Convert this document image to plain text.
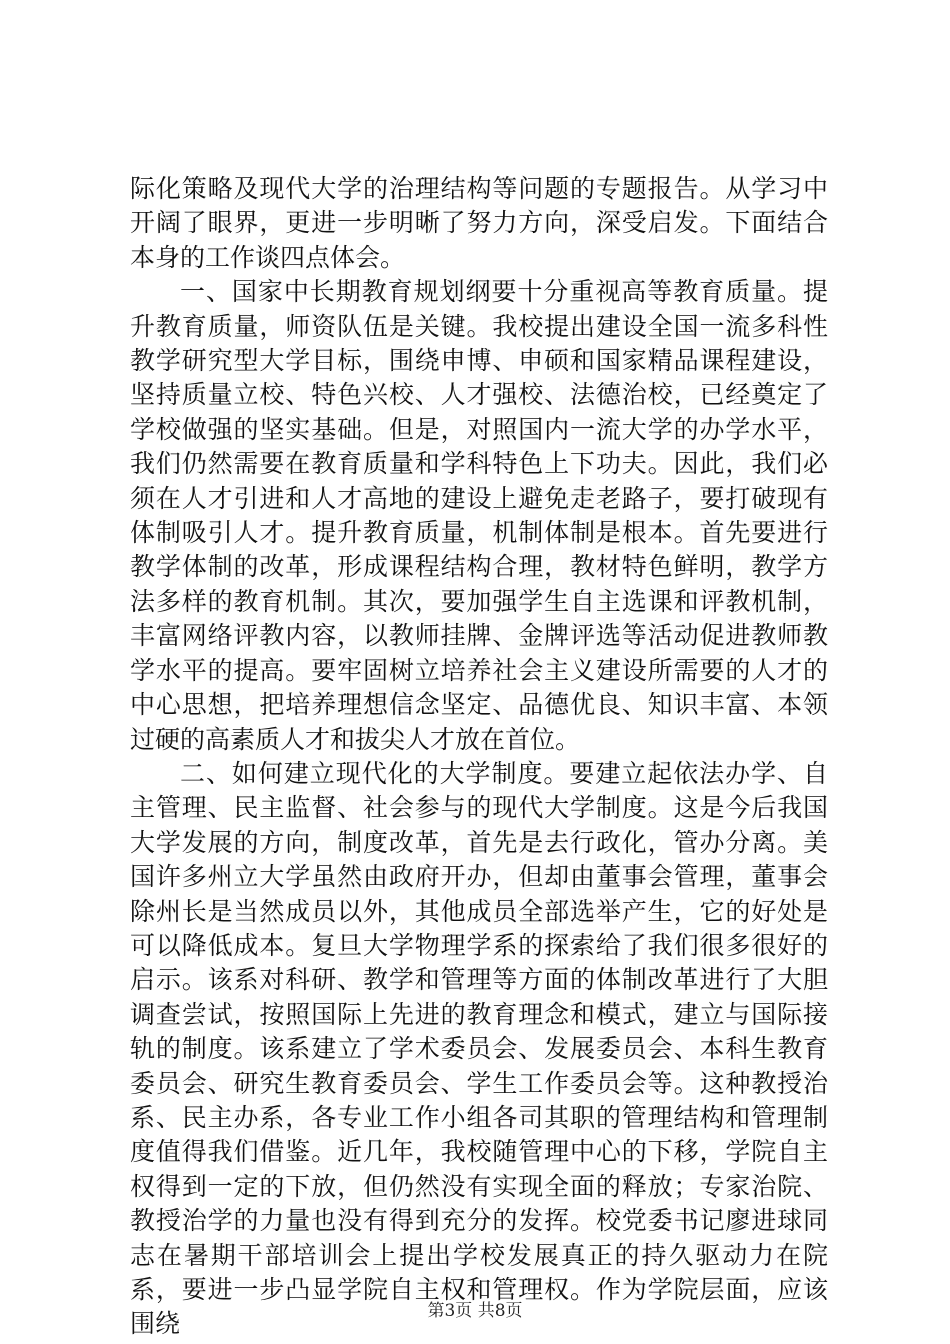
际化策略及现代大学的治理结构等问题的专题报告。从学习中开阔了眼界，更进一步明晰了努力方向，深受启发。下面结合本身的工作谈四点体会。

一、国家中长期教育规划纲要十分重视高等教育质量。提升教育质量，师资队伍是关键。我校提出建设全国一流多科性教学研究型大学目标，围绕申博、申硕和国家精品课程建设，坚持质量立校、特色兴校、人才强校、法德治校，已经奠定了学校做强的坚实基础。但是，对照国内一流大学的办学水平，我们仍然需要在教育质量和学科特色上下功夫。因此，我们必须在人才引进和人才高地的建设上避免走老路子，要打破现有体制吸引人才。提升教育质量，机制体制是根本。首先要进行教学体制的改革，形成课程结构合理，教材特色鲜明，教学方法多样的教育机制。其次，要加强学生自主选课和评教机制，丰富网络评教内容，以教师挂牌、金牌评选等活动促进教师教学水平的提高。要牢固树立培养社会主义建设所需要的人才的中心思想，把培养理想信念坚定、品德优良、知识丰富、本领过硬的高素质人才和拔尖人才放在首位。

二、如何建立现代化的大学制度。要建立起依法办学、自主管理、民主监督、社会参与的现代大学制度。这是今后我国大学发展的方向，制度改革，首先是去行政化，管办分离。美国许多州立大学虽然由政府开办，但却由董事会管理，董事会除州长是当然成员以外，其他成员全部选举产生，它的好处是可以降低成本。复旦大学物理学系的探索给了我们很多很好的启示。该系对科研、教学和管理等方面的体制改革进行了大胆调查尝试，按照国际上先进的教育理念和模式，建立与国际接轨的制度。该系建立了学术委员会、发展委员会、本科生教育委员会、研究生教育委员会、学生工作委员会等。这种教授治系、民主办系，各专业工作小组各司其职的管理结构和管理制度值得我们借鉴。近几年，我校随管理中心的下移，学院自主权得到一定的下放，但仍然没有实现全面的释放；专家治院、教授治学的力量也没有得到充分的发挥。校党委书记廖进球同志在暑期干部培训会上提出学校发展真正的持久驱动力在院系，要进一步凸显学院自主权和管理权。作为学院层面，应该围绕	第3页 共8页
